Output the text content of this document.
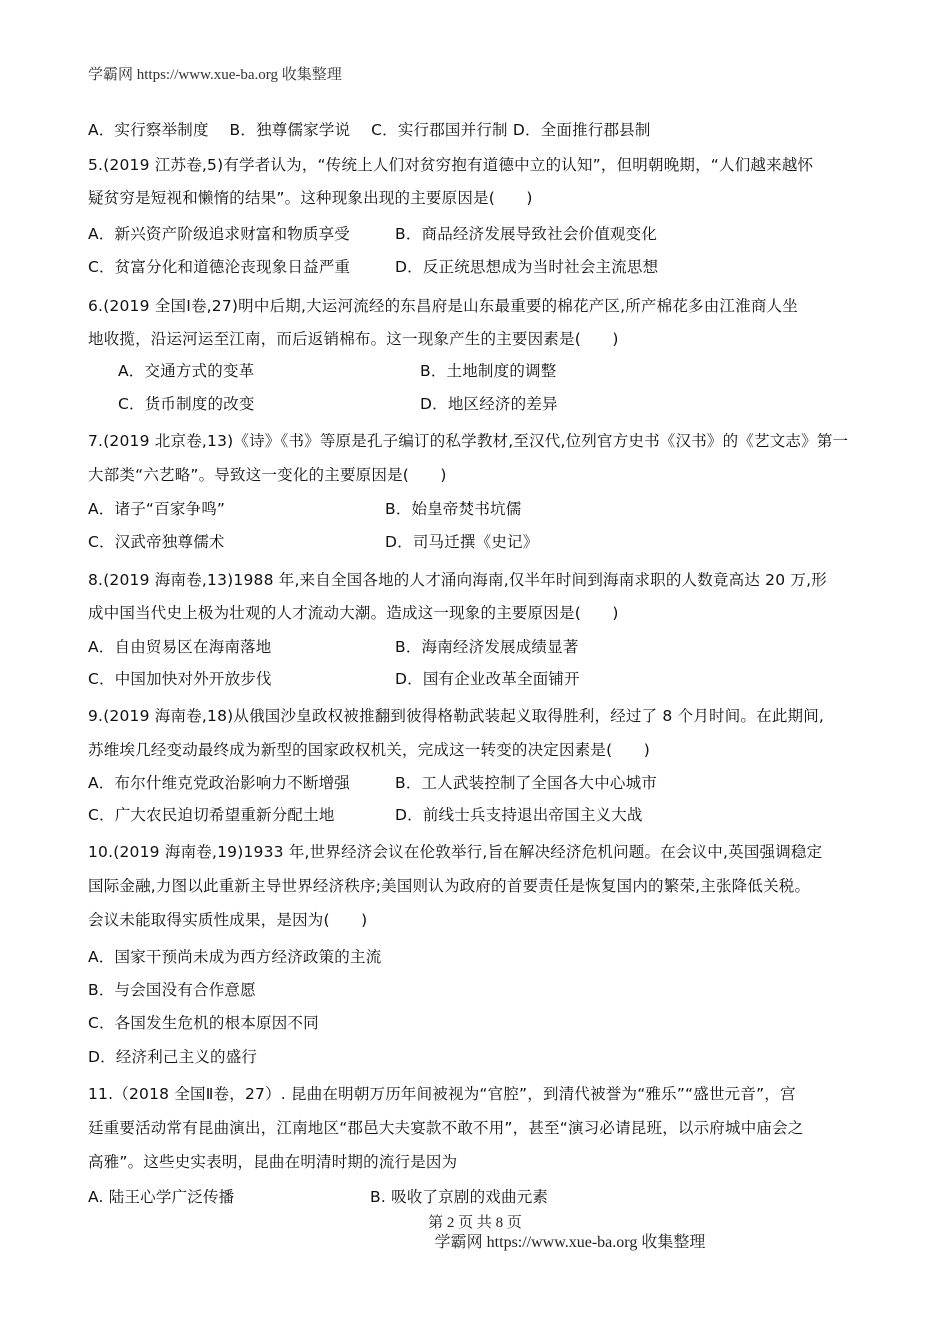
学霸网 https://www.xue-ba.org 收集整理
A．实行察举制度　 B．独尊儒家学说　 C．实行郡国并行制 D．全面推行郡县制
5.(2019 江苏卷,5)有学者认为，“传统上人们对贫穷抱有道德中立的认知”，但明朝晚期，“人们越来越怀
疑贫穷是短视和懒惰的结果”。这种现象出现的主要原因是(　　)
A．新兴资产阶级追求财富和物质享受	B．商品经济发展导致社会价值观变化
C．贫富分化和道德沦丧现象日益严重	D．反正统思想成为当时社会主流思想
6.(2019 全国Ⅰ卷,27)明中后期,大运河流经的东昌府是山东最重要的棉花产区,所产棉花多由江淮商人坐
地收揽，沿运河运至江南，而后返销棉布。这一现象产生的主要因素是(　　)
A．交通方式的变革	B．土地制度的调整
C．货币制度的改变	D．地区经济的差异
7.(2019 北京卷,13)《诗》《书》等原是孔子编订的私学教材,至汉代,位列官方史书《汉书》的《艺文志》第一
大部类“六艺略”。导致这一变化的主要原因是(　　)
A．诸子“百家争鸣”	B．始皇帝焚书坑儒
C．汉武帝独尊儒术	D．司马迁撰《史记》
8.(2019 海南卷,13)1988 年,来自全国各地的人才涌向海南,仅半年时间到海南求职的人数竟高达 20 万,形
成中国当代史上极为壮观的人才流动大潮。造成这一现象的主要原因是(　　)
A．自由贸易区在海南落地	B．海南经济发展成绩显著
C．中国加快对外开放步伐	D．国有企业改革全面铺开
9.(2019 海南卷,18)从俄国沙皇政权被推翻到彼得格勒武装起义取得胜利，经过了 8 个月时间。在此期间,
苏维埃几经变动最终成为新型的国家政权机关，完成这一转变的决定因素是(　　)
A．布尔什维克党政治影响力不断增强	B．工人武装控制了全国各大中心城市
C．广大农民迫切希望重新分配土地	D．前线士兵支持退出帝国主义大战
10.(2019 海南卷,19)1933 年,世界经济会议在伦敦举行,旨在解决经济危机问题。在会议中,英国强调稳定
国际金融,力图以此重新主导世界经济秩序;美国则认为政府的首要责任是恢复国内的繁荣,主张降低关税。
会议未能取得实质性成果，是因为(　　)
A．国家干预尚未成为西方经济政策的主流
B．与会国没有合作意愿
C．各国发生危机的根本原因不同
D．经济利己主义的盛行
11.（2018 全国Ⅱ卷，27）. 昆曲在明朝万历年间被视为“官腔”，到清代被誉为“雅乐”“盛世元音”，宫
廷重要活动常有昆曲演出，江南地区“郡邑大夫宴款不敢不用”，甚至“演习必请昆班，以示府城中庙会之
高雅”。这些史实表明，昆曲在明清时期的流行是因为
A. 陆王心学广泛传播	B. 吸收了京剧的戏曲元素
第 2 页 共 8 页
学霸网 https://www.xue-ba.org 收集整理
